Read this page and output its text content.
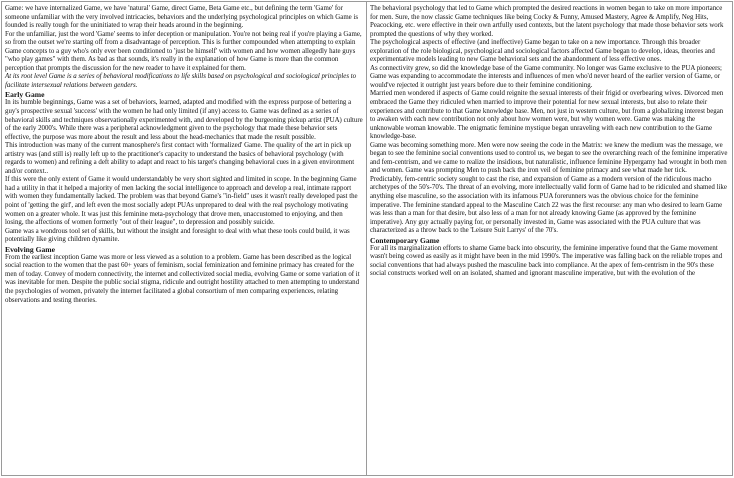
Game: we have internalized Game, we have 'natural' Game, direct Game, Beta Game etc., but defining the term 'Game' for someone unfamiliar with the very involved intricacies, behaviors and the underlying psychological principles on which Game is founded is really tough for the uninitiated to wrap their heads around in the beginning.

For the unfamiliar, just the word 'Game' seems to infer deception or manipulation. You're not being real if you're playing a Game, so from the outset we're starting off from a disadvantage of perception. This is further compounded when attempting to explain Game concepts to a guy who's only ever been conditioned to 'just be himself' with women and how women allegedly hate guys "who play games" with them. As bad as that sounds, it's really in the explanation of how Game is more than the common perception that prompts the discussion for the new reader to have it explained for them.

At its root level Game is a series of behavioral modifications to life skills based on psychological and sociological principles to facilitate intersexual relations between genders.

Early Game

In its humble beginnings, Game was a set of behaviors, learned, adapted and modified with the express purpose of bettering a guy's prospective sexual 'success' with the women he had only limited (if any) access to. Game was defined as a series of behavioral skills and techniques observationally experimented with, and developed by the burgeoning pickup artist (PUA) culture of the early 2000's. While there was a peripheral acknowledgment given to the psychology that made these behavior sets effective, the purpose was more about the result and less about the head-mechanics that made the result possible.

This introduction was many of the current manosphere's first contact with 'formalized' Game. The quality of the art in pick up artistry was (and still is) really left up to the practitioner's capacity to understand the basics of behavioral psychology (with regards to women) and refining a deft ability to adapt and react to his target's changing behavioral cues in a given environment and/or context..

If this were the only extent of Game it would understandably be very short sighted and limited in scope. In the beginning Game had a utility in that it helped a majority of men lacking the social intelligence to approach and develop a real, intimate rapport with women they fundamentally lacked. The problem was that beyond Game's "in-field" uses it wasn't really developed past the point of 'getting the girl', and left even the most socially adept PUAs unprepared to deal with the real psychology motivating women on a greater whole. It was just this feminine meta-psychology that drove men, unaccustomed to enjoying, and then losing, the affections of women formerly "out of their league", to depression and possibly suicide.

Game was a wondrous tool set of skills, but without the insight and foresight to deal with what these tools could build, it was potentially like giving children dynamite.

Evolving Game

From the earliest inception Game was more or less viewed as a solution to a problem. Game has been described as the logical social reaction to the women that the past 60+ years of feminism, social feminization and feminine primacy has created for the men of today. Convey of modern connectivity, the internet and collectivized social media, evolving Game or some variation of it was inevitable for men. Despite the public social stigma, ridicule and outright hostility attached to men attempting to understand the psychologies of women, privately the internet facilitated a global consortium of men comparing experiences, relating observations and testing theories.

The behavioral psychology that led to Game which prompted the desired reactions in women began to take on more importance for men. Sure, the now classic Game techniques like being Cocky & Funny, Amused Mastery, Agree & Amplify, Neg Hits, Peacocking, etc. were effective in their own artfully used contexts, but the latent psychology that made those behavior sets work prompted the questions of why they worked.

The psychological aspects of effective (and ineffective) Game began to take on a new importance. Through this broader exploration of the role biological, psychological and sociological factors affected Game began to develop, ideas, theories and experimentative models leading to new Game behavioral sets and the abandonment of less effective ones.

As connectivity grew, so did the knowledge base of the Game community. No longer was Game exclusive to the PUA pioneers; Game was expanding to accommodate the interests and influences of men who'd never heard of the earlier version of Game, or would've rejected it outright just years before due to their feminine conditioning.

Married men wondered if aspects of Game could reignite the sexual interests of their frigid or overbearing wives. Divorced men embraced the Game they ridiculed when married to improve their potential for new sexual interests, but also to relate their experiences and contribute to that Game knowledge base. Men, not just in western culture, but from a globalizing interest began to awaken with each new contribution not only about how women were, but why women were. Game was making the unknowable woman knowable. The enigmatic feminine mystique began unraveling with each new contribution to the Game knowledge-base.

Game was becoming something more. Men were now seeing the code in the Matrix: we knew the medium was the message, we began to see the feminine social conventions used to control us, we began to see the overarching reach of the feminine imperative and fem-centrism, and we came to realize the insidious, but naturalistic, influence feminine Hypergamy had wrought in both men and women. Game was prompting Men to push back the iron veil of feminine primacy and see what made her tick.

Predictably, fem-centric society sought to cast the rise, and expansion of Game as a modern version of the ridiculous macho archetypes of the 50's-70's. The threat of an evolving, more intellectually valid form of Game had to be ridiculed and shamed like anything else masculine, so the association with its infamous PUA forerunners was the obvious choice for the feminine imperative. The feminine standard appeal to the Masculine Catch 22 was the first recourse: any man who desired to learn Game was less than a man for that desire, but also less of a man for not already knowing Game (as approved by the feminine imperative). Any guy actually paying for, or personally invested in, Game was associated with the PUA culture that was characterized as a throw back to the 'Leisure Suit Larrys' of the 70's.

Contemporary Game

For all its marginalization efforts to shame Game back into obscurity, the feminine imperative found that the Game movement wasn't being cowed as easily as it might have been in the mid 1990's. The imperative was falling back on the reliable tropes and social conventions that had always pushed the masculine back into compliance. At the apex of fem-centrism in the 90's these social constructs worked well on an isolated, shamed and ignorant masculine imperative, but with the evolution of the
